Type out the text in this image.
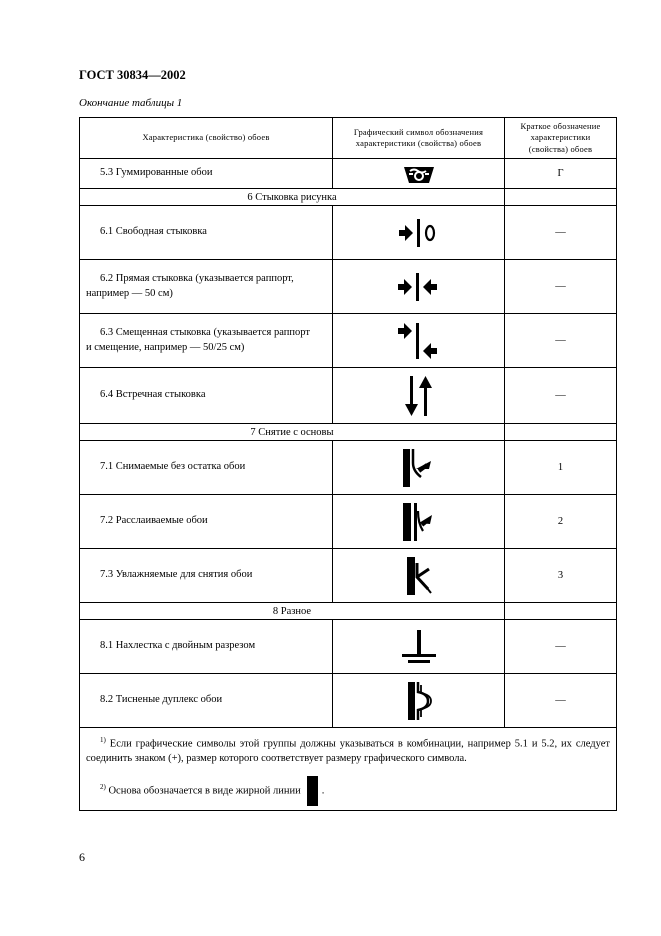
ГОСТ 30834—2002
Окончание таблицы 1
Характеристика (свойство) обоев	Графический символ обозначения характеристики (свойства) обоев	Краткое обозначение характеристики (свойства) обоев
5.3 Гуммированные обои		Г
6 Стыковка рисунка		
6.1 Свободная стыковка		—

6.2 Прямая стыковка (указывается раппорт,
например — 50 см)		—

6.3 Смещенная стыковка (указывается раппорт
и смещение, например — 50/25 см)		—
6.4 Встречная стыковка		—
7 Снятие с основы		
7.1 Снимаемые без остатка обои		1
7.2 Расслаиваемые обои		2
7.3 Увлажняемые для снятия обои		3
8 Разное		
8.1 Нахлестка с двойным разрезом		—
8.2 Тисненые дуплекс обои		—

$^{1)}$ Если графические символы этой группы должны указываться в комбинации, например 5.1 и 5.2, их следует соединить знаком (+), размер которого соответствует размеру графического символа.

$^{2)}$ Основа обозначается в виде жирной линии .		

6
